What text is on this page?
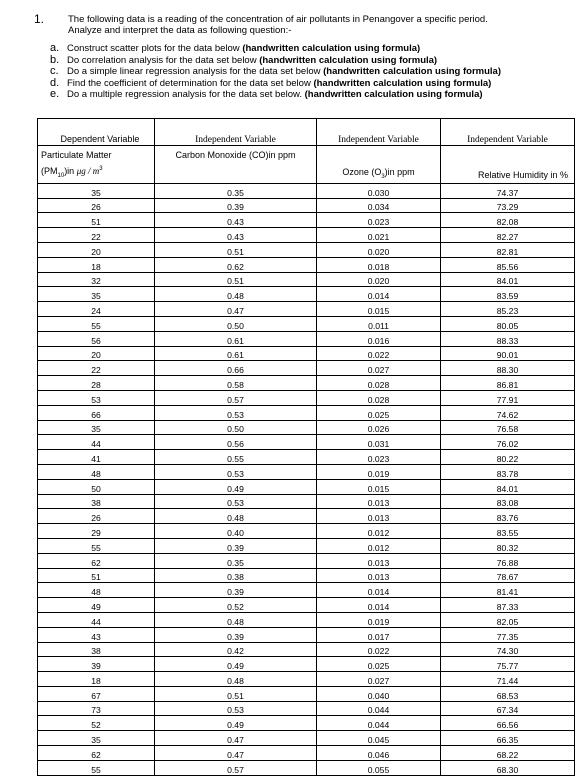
1.	The following data is a reading of the concentration of air pollutants in Penangover a specific period.
Analyze and interpret the data as following question:-
a. Construct scatter plots for the data below (handwritten calculation using formula)
b. Do correlation analysis for the data set below (handwritten calculation using formula)
c. Do a simple linear regression analysis for the data set below (handwritten calculation using formula)
d. Find the coefficient of determination for the data set below (handwritten calculation using formula)
e. Do a multiple regression analysis for the data set below. (handwritten calculation using formula)
Dependent Variable	Independent Variable	Independent Variable	Independent Variable
Particulate Matter
$(PM_{10})in$ μg / $m^3$	Carbon Monoxide (CO)in ppm	Ozone $(O_3)in$ ppm	Relative Humidity in %
35	0.35	0.030	74.37
26	0.39	0.034	73.29
51	0.43	0.023	82.08
22	0.43	0.021	82.27
20	0.51	0.020	82.81
18	0.62	0.018	85.56
32	0.51	0.020	84.01
35	0.48	0.014	83.59
24	0.47	0.015	85.23
55	0.50	0.011	80.05
56	0.61	0.016	88.33
20	0.61	0.022	90.01
22	0.66	0.027	88.30
28	0.58	0.028	86.81
53	0.57	0.028	77.91
66	0.53	0.025	74.62
35	0.50	0.026	76.58
44	0.56	0.031	76.02
41	0.55	0.023	80.22
48	0.53	0.019	83.78
50	0.49	0.015	84.01
38	0.53	0.013	83.08
26	0.48	0.013	83.76
29	0.40	0.012	83.55
55	0.39	0.012	80.32
62	0.35	0.013	76.88
51	0.38	0.013	78.67
48	0.39	0.014	81.41
49	0.52	0.014	87.33
44	0.48	0.019	82.05
43	0.39	0.017	77.35
38	0.42	0.022	74.30
39	0.49	0.025	75.77
18	0.48	0.027	71.44
67	0.51	0.040	68.53
73	0.53	0.044	67.34
52	0.49	0.044	66.56
35	0.47	0.045	66.35
62	0.47	0.046	68.22
55	0.57	0.055	68.30
